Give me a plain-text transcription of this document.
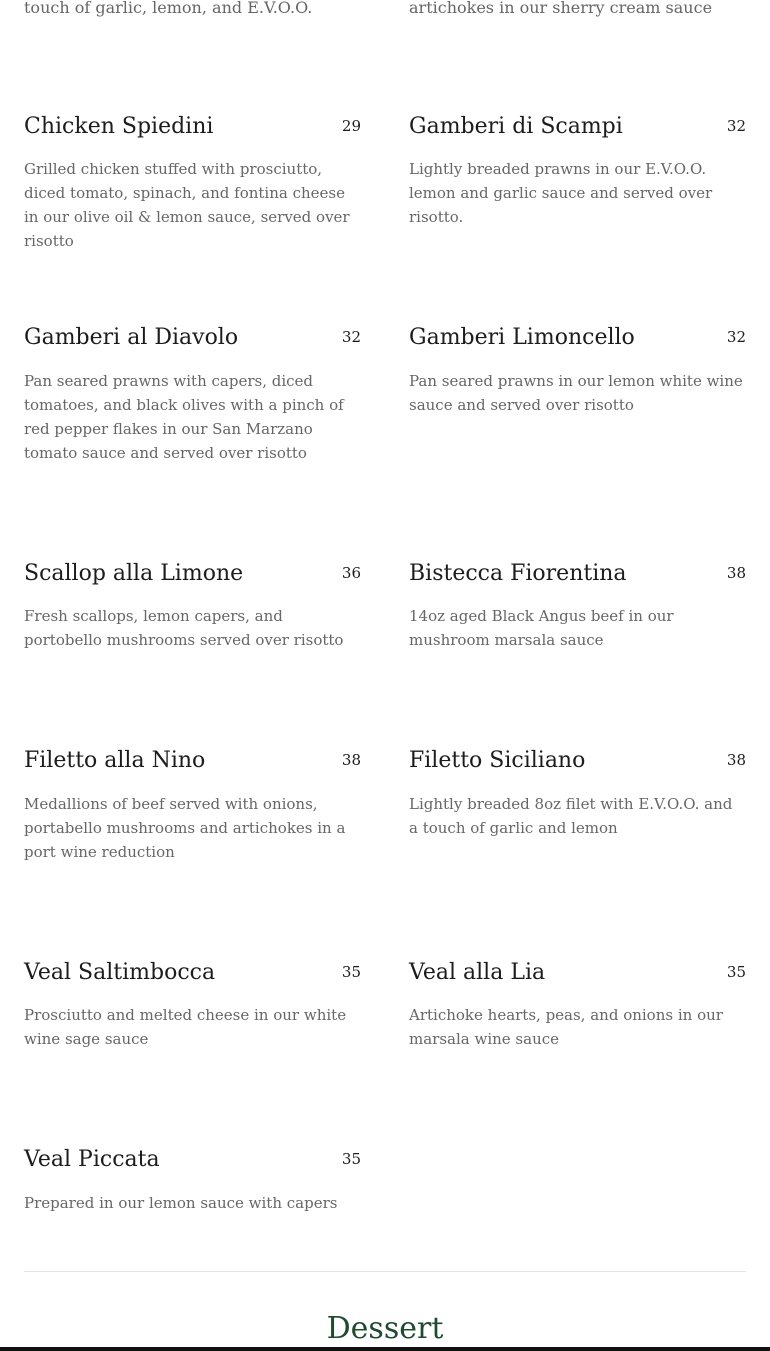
touch of garlic, lemon, and E.V.O.O.	artichokes in our sherry cream sauce
Chicken Spiedini	29
Grilled chicken stuffed with prosciutto, diced tomato, spinach, and fontina cheese in our olive oil & lemon sauce, served over risotto
Gamberi di Scampi	32
Lightly breaded prawns in our E.V.O.O. lemon and garlic sauce and served over risotto.
Gamberi al Diavolo	32
Pan seared prawns with capers, diced tomatoes, and black olives with a pinch of red pepper flakes in our San Marzano tomato sauce and served over risotto
Gamberi Limoncello	32
Pan seared prawns in our lemon white wine sauce and served over risotto
Scallop alla Limone	36
Fresh scallops, lemon capers, and portobello mushrooms served over risotto
Bistecca Fiorentina	38
14oz aged Black Angus beef in our mushroom marsala sauce
Filetto alla Nino	38
Medallions of beef served with onions, portabello mushrooms and artichokes in a port wine reduction
Filetto Siciliano	38
Lightly breaded 8oz filet with E.V.O.O. and a touch of garlic and lemon
Veal Saltimbocca	35
Prosciutto and melted cheese in our white wine sage sauce
Veal alla Lia	35
Artichoke hearts, peas, and onions in our marsala wine sauce
Veal Piccata	35
Prepared in our lemon sauce with capers
Dessert
